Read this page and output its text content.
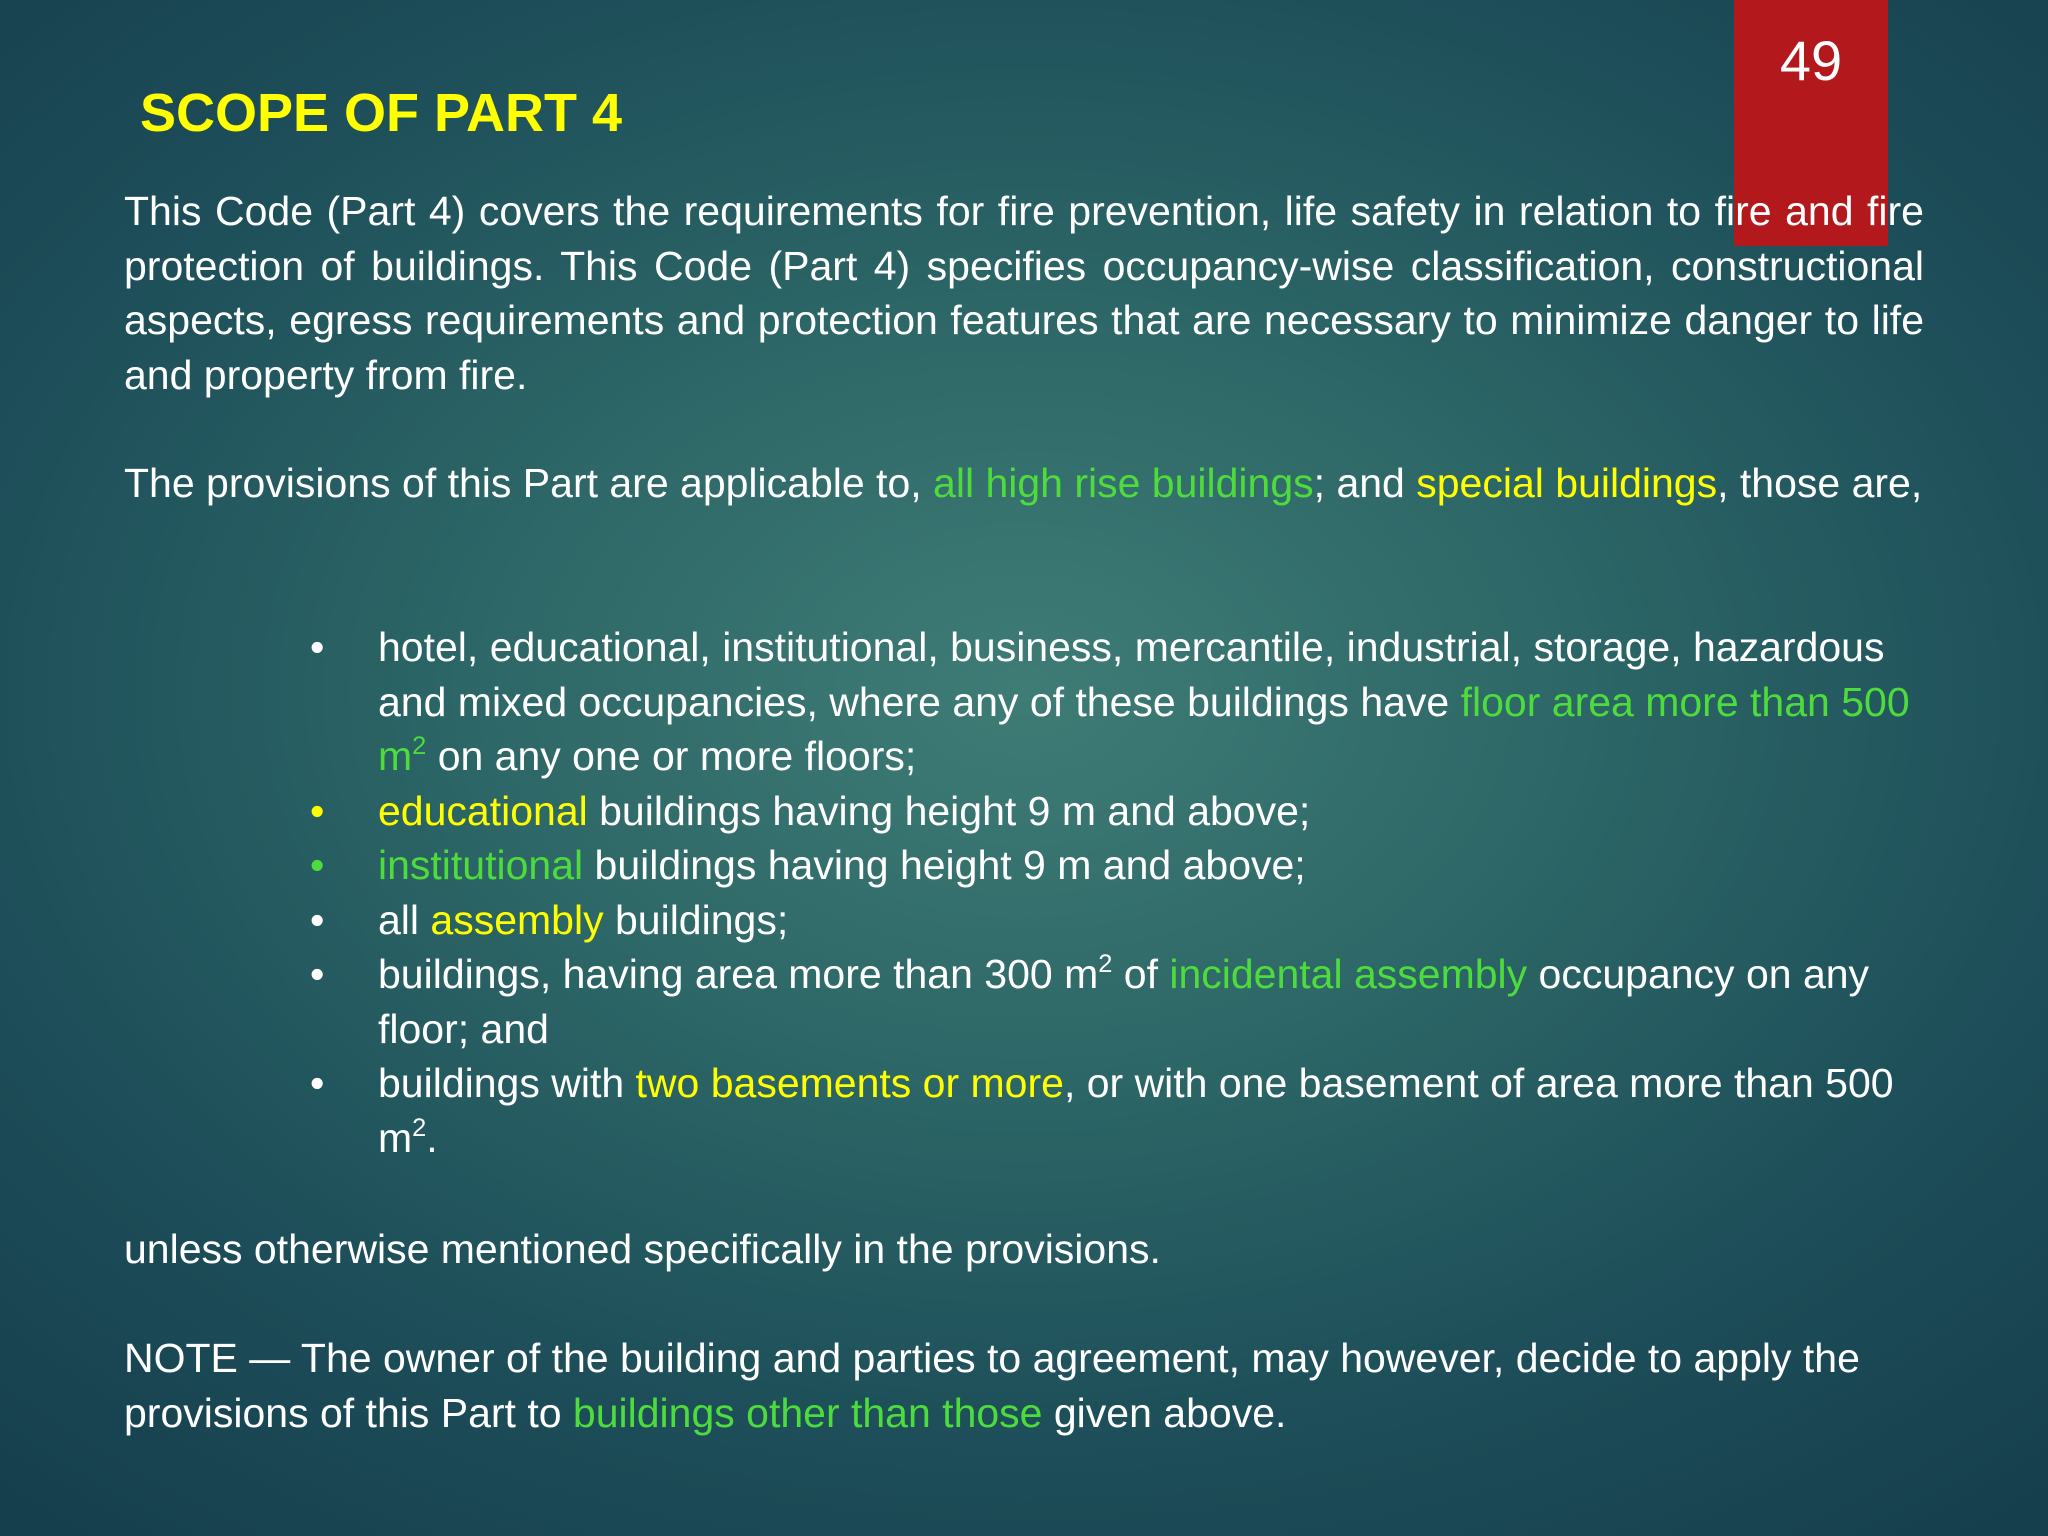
49
SCOPE OF PART 4

This Code (Part 4) covers the requirements for fire prevention, life safety in relation to fire and fire protection of buildings. This Code (Part 4) specifies occupancy-wise classification, constructional aspects, egress requirements and protection features that are necessary to minimize danger to life and property from fire.

The provisions of this Part are applicable to, all high rise buildings; and special buildings, those are,

• hotel, educational, institutional, business, mercantile, industrial, storage, hazardous and mixed occupancies, where any of these buildings have floor area more than 500 $m^2$ on any one or more floors;
• educational buildings having height 9 m and above;
• institutional buildings having height 9 m and above;
• all assembly buildings;
• buildings, having area more than 300 $m^2$ of incidental assembly occupancy on any floor; and
• buildings with two basements or more, or with one basement of area more than 500 $m^2$.

unless otherwise mentioned specifically in the provisions.

NOTE — The owner of the building and parties to agreement, may however, decide to apply the provisions of this Part to buildings other than those given above.
